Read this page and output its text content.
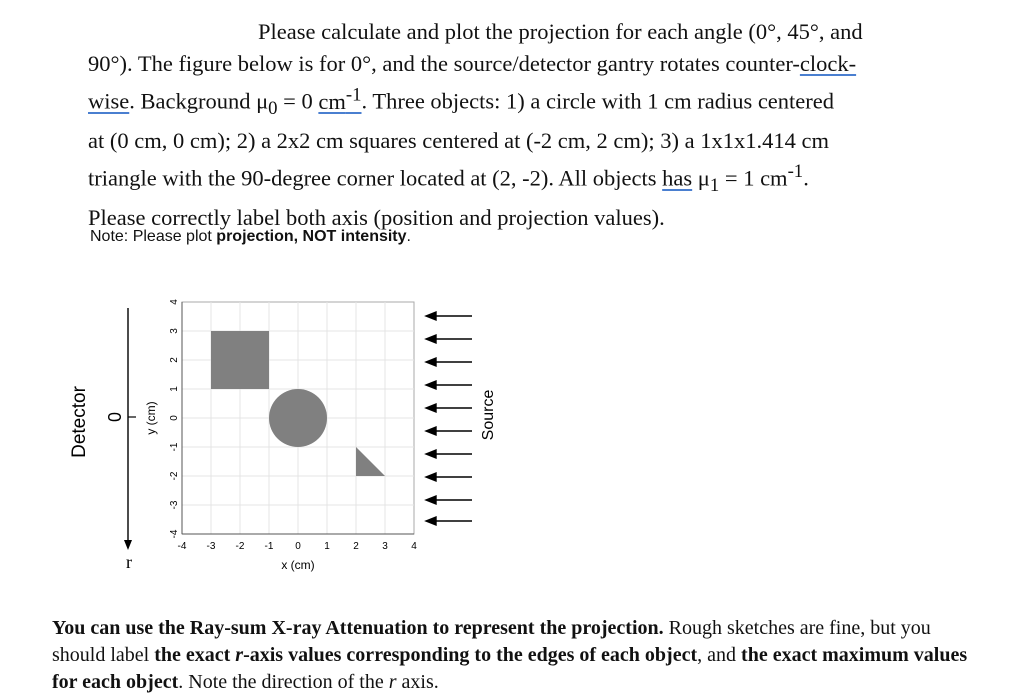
Please calculate and plot the projection for each angle (0°, 45°, and
90°). The figure below is for 0°, and the source/detector gantry rotates counter-clock-
wise. Background $\mu_0 = 0$ $cm^{-1}$. Three objects: 1) a circle with 1 cm radius centered
at (0 cm, 0 cm); 2) a 2x2 cm squares centered at (-2 cm, 2 cm); 3) a 1x1x1.414 cm
triangle with the 90-degree corner located at (2, -2). All objects has $\mu_1 = 1$ $cm^{-1}$.
Please correctly label both axis (position and projection values).
Note: Please plot projection, NOT intensity.
Detector 0
r
y (cm)
4
3
2
1
0
-1
-2
-3
-4
-4 -3 -2 -1 0 1 2 3 4
x (cm)
Source
You can use the Ray-sum X-ray Attenuation to represent the projection. Rough sketches are fine, but you should label the exact r-axis values corresponding to the edges of each object, and the exact maximum values for each object. Note the direction of the r axis.
